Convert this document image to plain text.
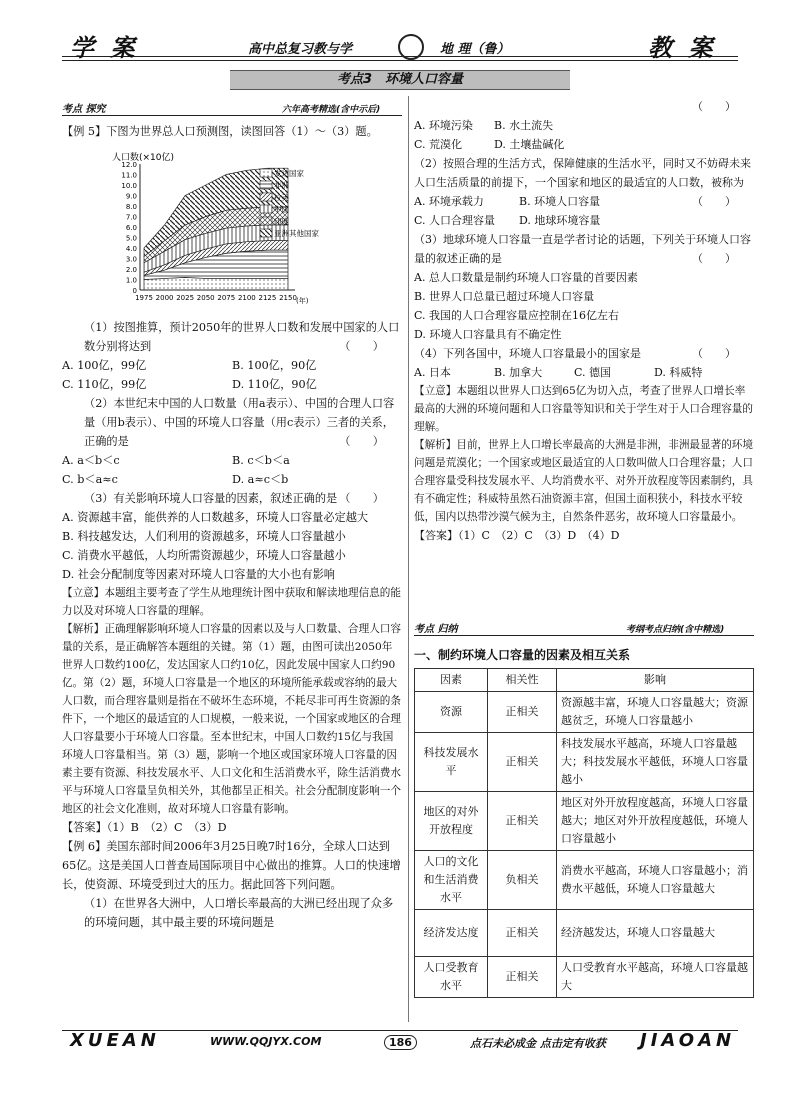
学 案	高中总复习教与学	地 理（鲁）	教 案
考点3　环境人口容量
考点 探究	六年高考精选(含中示后)

【例 5】下图为世界总人口预测图，读图回答（1）～（3）题。

人口数(×10亿)
0
1.0
2.0
3.0
4.0
5.0
6.0
7.0
8.0
9.0
10.0
11.0
12.0
1975 2000 2025 2050 2075 2100 2125 2150 (年)
发达国家
非洲
拉美
中国
印度
亚洲其他国家

（1）按图推算，预计2050年的世界人口数和发展中国家的人口数分别将达到	（　　）

A. 100亿，99亿	B. 100亿，90亿
C. 110亿，99亿	D. 110亿，90亿

（2）本世纪末中国的人口数量（用a表示）、中国的合理人口容量（用b表示）、中国的环境人口容量（用c表示）三者的关系，正确的是	（　　）

A. a＜b＜c	B. c＜b＜a
C. b＜a≈c	D. a≈c＜b

（3）有关影响环境人口容量的因素，叙述正确的是 （　　）

A. 资源越丰富，能供养的人口数越多，环境人口容量必定越大

B. 科技越发达，人们利用的资源越多，环境人口容量越小

C. 消费水平越低，人均所需资源越少，环境人口容量越小

D. 社会分配制度等因素对环境人口容量的大小也有影响

【立意】本题组主要考查了学生从地理统计图中获取和解读地理信息的能力以及对环境人口容量的理解。

【解析】正确理解影响环境人口容量的因素以及与人口数量、合理人口容量的关系，是正确解答本题组的关键。第（1）题，由图可读出2050年世界人口数约100亿，发达国家人口约10亿，因此发展中国家人口约90亿。第（2）题，环境人口容量是一个地区的环境所能承载或容纳的最大人口数，而合理容量则是指在不破坏生态环境，不耗尽非可再生资源的条件下，一个地区的最适宜的人口规模，一般来说，一个国家或地区的合理人口容量要小于环境人口容量。至本世纪末，中国人口数约15亿与我国环境人口容量相当。第（3）题，影响一个地区或国家环境人口容量的因素主要有资源、科技发展水平、人口文化和生活消费水平，除生活消费水平与环境人口容量呈负相关外，其他都呈正相关。社会分配制度影响一个地区的社会文化准则，故对环境人口容量有影响。

【答案】（1）B　（2）C　（3）D

【例 6】美国东部时间2006年3月25日晚7时16分，全球人口达到65亿。这是美国人口普查局国际项目中心做出的推算。人口的快速增长，使资源、环境受到过大的压力。据此回答下列问题。

（1）在世界各大洲中，人口增长率最高的大洲已经出现了众多的环境问题，其中最主要的环境问题是

（　　）

A. 环境污染	B. 水土流失
C. 荒漠化	D. 土壤盐碱化

（2）按照合理的生活方式，保障健康的生活水平，同时又不妨碍未来人口生活质量的前提下，一个国家和地区的最适宜的人口数，被称为
（　　）

A. 环境承载力	B. 环境人口容量
C. 人口合理容量	D. 地球环境容量

（3）地球环境人口容量一直是学者讨论的话题，下列关于环境人口容量的叙述正确的是	（　　）

A. 总人口数量是制约环境人口容量的首要因素

B. 世界人口总量已超过环境人口容量

C. 我国的人口合理容量应控制在16亿左右

D. 环境人口容量具有不确定性

（4）下列各国中，环境人口容量最小的国家是	（　　）

A. 日本	B. 加拿大	C. 德国	D. 科威特

【立意】本题组以世界人口达到65亿为切入点，考查了世界人口增长率最高的大洲的环境问题和人口容量等知识和关于学生对于人口合理容量的理解。

【解析】目前，世界上人口增长率最高的大洲是非洲，非洲最显著的环境问题是荒漠化；一个国家或地区最适宜的人口数叫做人口合理容量；人口合理容量受科技发展水平、人均消费水平、对外开放程度等因素制约，具有不确定性；科威特虽然石油资源丰富，但国土面积狭小，科技水平较低，国内以热带沙漠气候为主，自然条件恶劣，故环境人口容量最小。

【答案】（1）C　（2）C　（3）D　（4）D

考点 归纳	考纲考点归纳(含中精选)
一、制约环境人口容量的因素及相互关系
因素	相关性	影响
资源	正相关	资源越丰富，环境人口容量越大；资源越贫乏，环境人口容量越小
科技发展水平	正相关	科技发展水平越高，环境人口容量越大；科技发展水平越低，环境人口容量越小
地区的对外开放程度	正相关	地区对外开放程度越高，环境人口容量越大；地区对外开放程度越低，环境人口容量越小
人口的文化和生活消费水平	负相关	消费水平越高，环境人口容量越小；消费水平越低，环境人口容量越大
经济发达度	正相关	经济越发达，环境人口容量越大
人口受教育水平	正相关	人口受教育水平越高，环境人口容量越大
XUEAN	WWW.QQJYX.COM	186	点石未必成金 点击定有收获 JIAOAN
